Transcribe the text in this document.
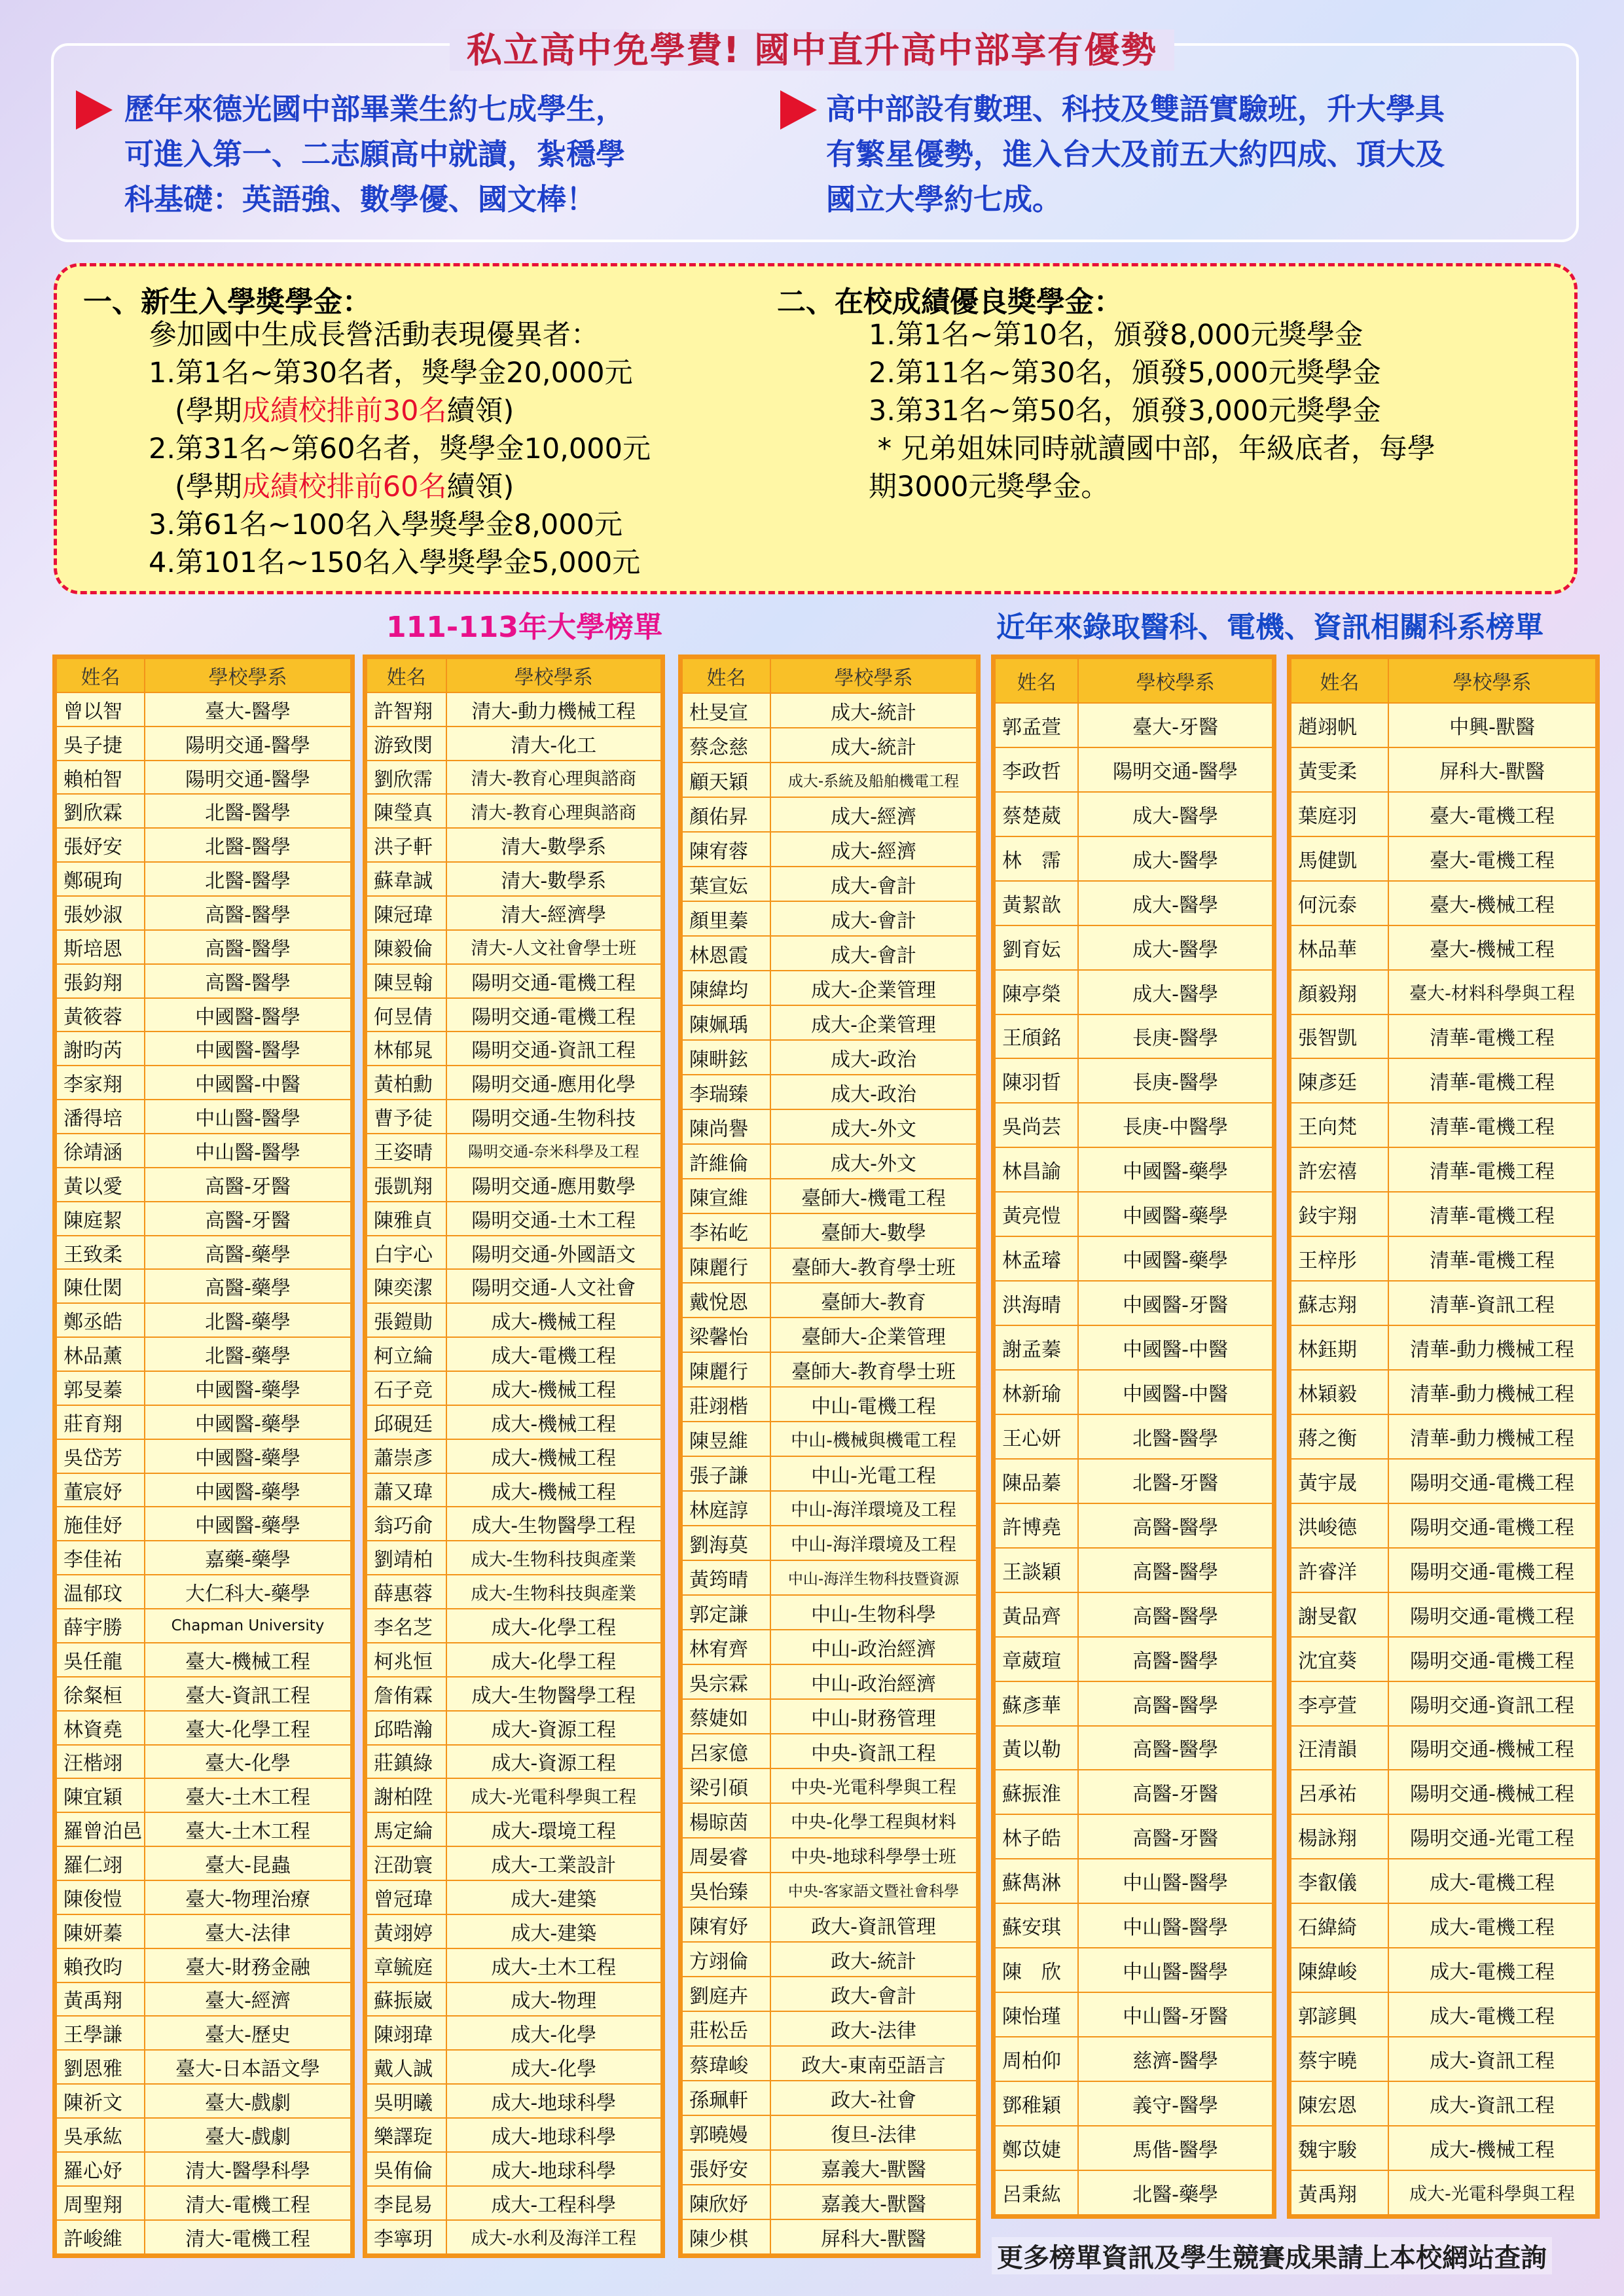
私立高中免學費! 國中直升高中部享有優勢
歷年來德光國中部畢業生約七成學生，
可進入第一、二志願高中就讀，紮穩學
科基礎：英語強、數學優、國文棒！
高中部設有數理、科技及雙語實驗班，升大學具
有繁星優勢，進入台大及前五大約四成、頂大及
國立大學約七成。
一、新生入學獎學金：
參加國中生成長營活動表現優異者：
1.第1名~第30名者，獎學金20,000元
(學期成績校排前30名續領)
2.第31名~第60名者，獎學金10,000元
(學期成績校排前60名續領)
3.第61名~100名入學獎學金8,000元
4.第101名~150名入學獎學金5,000元
二、在校成績優良獎學金：
1.第1名~第10名，頒發8,000元獎學金
2.第11名~第30名，頒發5,000元獎學金
3.第31名~第50名，頒發3,000元獎學金
* 兄弟姐妹同時就讀國中部，年級底者，每學
期3000元獎學金。
111-113年大學榜單	近年來錄取醫科、電機、資訊相關科系榜單
姓名	學校學系
曾以智	臺大-醫學
吳子捷	陽明交通-醫學
賴柏智	陽明交通-醫學
劉欣霖	北醫-醫學
張妤安	北醫-醫學
鄭硯珣	北醫-醫學
張妙淑	高醫-醫學
斯培恩	高醫-醫學
張鈞翔	高醫-醫學
黃筱蓉	中國醫-醫學
謝昀芮	中國醫-醫學
李家翔	中國醫-中醫
潘得培	中山醫-醫學
徐靖涵	中山醫-醫學
黃以愛	高醫-牙醫
陳庭絜	高醫-牙醫
王致柔	高醫-藥學
陳仕閎	高醫-藥學
鄭丞皓	北醫-藥學
林品薰	北醫-藥學
郭旻蓁	中國醫-藥學
莊育翔	中國醫-藥學
吳岱芳	中國醫-藥學
董宸妤	中國醫-藥學
施佳妤	中國醫-藥學
李佳祐	嘉藥-藥學
温郁玟	大仁科大-藥學
薛宇勝	Chapman University
吳任龍	臺大-機械工程
徐粲桓	臺大-資訊工程
林資堯	臺大-化學工程
汪楷翊	臺大-化學
陳宜穎	臺大-土木工程
羅曾泊邑	臺大-土木工程
羅仁翊	臺大-昆蟲
陳俊愷	臺大-物理治療
陳妍蓁	臺大-法律
賴孜昀	臺大-財務金融
黃禹翔	臺大-經濟
王學謙	臺大-歷史
劉恩雅	臺大-日本語文學
陳祈文	臺大-戲劇
吳承紘	臺大-戲劇
羅心妤	清大-醫學科學
周聖翔	清大-電機工程
許峻維	清大-電機工程
姓名	學校學系
許智翔	清大-動力機械工程
游致閔	清大-化工
劉欣霈	清大-教育心理與諮商
陳瑩真	清大-教育心理與諮商
洪子軒	清大-數學系
蘇韋誠	清大-數學系
陳冠瑋	清大-經濟學
陳毅倫	清大-人文社會學士班
陳昱翰	陽明交通-電機工程
何昱倩	陽明交通-電機工程
林郁晁	陽明交通-資訊工程
黃柏勳	陽明交通-應用化學
曹予徒	陽明交通-生物科技
王姿晴	陽明交通-奈米科學及工程
張凱翔	陽明交通-應用數學
陳雅貞	陽明交通-土木工程
白宇心	陽明交通-外國語文
陳奕潔	陽明交通-人文社會
張鎧勛	成大-機械工程
柯立綸	成大-電機工程
石子竞	成大-機械工程
邱硯廷	成大-機械工程
蕭崇彥	成大-機械工程
蕭又瑋	成大-機械工程
翁巧俞	成大-生物醫學工程
劉靖柏	成大-生物科技與產業
薛惠蓉	成大-生物科技與產業
李名芝	成大-化學工程
柯兆恒	成大-化學工程
詹侑霖	成大-生物醫學工程
邱晧瀚	成大-資源工程
莊鎮綠	成大-資源工程
謝柏陞	成大-光電科學與工程
馬定綸	成大-環境工程
汪劭寰	成大-工業設計
曾冠瑋	成大-建築
黃翊婷	成大-建築
章毓庭	成大-土木工程
蘇振崴	成大-物理
陳翊瑋	成大-化學
戴人誠	成大-化學
吳明曦	成大-地球科學
樂譯琁	成大-地球科學
吳侑倫	成大-地球科學
李昆易	成大-工程科學
李寧玥	成大-水利及海洋工程
姓名	學校學系
杜旻宣	成大-統計
蔡念慈	成大-統計
顧天穎	成大-系統及船舶機電工程
顏佑昇	成大-經濟
陳宥蓉	成大-經濟
葉宣妘	成大-會計
顏里蓁	成大-會計
林恩霞	成大-會計
陳緯均	成大-企業管理
陳姵瑀	成大-企業管理
陳畊鉉	成大-政治
李瑞臻	成大-政治
陳尚譽	成大-外文
許維倫	成大-外文
陳宣維	臺師大-機電工程
李祐屹	臺師大-數學
陳麗行	臺師大-教育學士班
戴悅恩	臺師大-教育
梁馨怡	臺師大-企業管理
陳麗行	臺師大-教育學士班
莊翊楷	中山-電機工程
陳昱維	中山-機械與機電工程
張子謙	中山-光電工程
林庭諄	中山-海洋環境及工程
劉海莫	中山-海洋環境及工程
黃筠晴	中山-海洋生物科技暨資源
郭定謙	中山-生物科學
林宥齊	中山-政治經濟
吳宗霖	中山-政治經濟
蔡婕如	中山-財務管理
呂家億	中央-資訊工程
梁引碩	中央-光電科學與工程
楊晾茵	中央-化學工程與材料
周晏睿	中央-地球科學學士班
吳怡臻	中央-客家語文暨社會科學
陳宥妤	政大-資訊管理
方翊倫	政大-統計
劉庭卉	政大-會計
莊松岳	政大-法律
蔡瑋峻	政大-東南亞語言
孫珮軒	政大-社會
郭曉嫚	復旦-法律
張妤安	嘉義大-獸醫
陳欣妤	嘉義大-獸醫
陳少棋	屏科大-獸醫
姓名	學校學系
郭孟萱	臺大-牙醫
李政哲	陽明交通-醫學
蔡楚葳	成大-醫學
林　霈	成大-醫學
黃絜歆	成大-醫學
劉育妘	成大-醫學
陳亭榮	成大-醫學
王頎銘	長庚-醫學
陳羽晢	長庚-醫學
吳尚芸	長庚-中醫學
林昌諭	中國醫-藥學
黃亮愷	中國醫-藥學
林孟璿	中國醫-藥學
洪海晴	中國醫-牙醫
謝孟蓁	中國醫-中醫
林新瑜	中國醫-中醫
王心妍	北醫-醫學
陳品蓁	北醫-牙醫
許博堯	高醫-醫學
王談穎	高醫-醫學
黃品齊	高醫-醫學
章葳瑄	高醫-醫學
蘇彥華	高醫-醫學
黃以勒	高醫-醫學
蘇振淮	高醫-牙醫
林子皓	高醫-牙醫
蘇雋淋	中山醫-醫學
蘇安琪	中山醫-醫學
陳　欣	中山醫-醫學
陳怡瑾	中山醫-牙醫
周柏仰	慈濟-醫學
鄧稚穎	義守-醫學
鄭苡婕	馬偕-醫學
呂秉紘	北醫-藥學
姓名	學校學系
趙翊帆	中興-獸醫
黃雯柔	屏科大-獸醫
葉庭羽	臺大-電機工程
馬健凱	臺大-電機工程
何沅泰	臺大-機械工程
林品華	臺大-機械工程
顏毅翔	臺大-材料科學與工程
張智凱	清華-電機工程
陳彥廷	清華-電機工程
王向梵	清華-電機工程
許宏禧	清華-電機工程
鈙宇翔	清華-電機工程
王梓彤	清華-電機工程
蘇志翔	清華-資訊工程
林鈺期	清華-動力機械工程
林穎毅	清華-動力機械工程
蔣之衡	清華-動力機械工程
黃宇晟	陽明交通-電機工程
洪峻德	陽明交通-電機工程
許睿洋	陽明交通-電機工程
謝旻叡	陽明交通-電機工程
沈宜葵	陽明交通-電機工程
李亭萱	陽明交通-資訊工程
汪清韻	陽明交通-機械工程
呂承祐	陽明交通-機械工程
楊詠翔	陽明交通-光電工程
李叡儀	成大-電機工程
石緯綺	成大-電機工程
陳緯峻	成大-電機工程
郭諺興	成大-電機工程
蔡宇曉	成大-資訊工程
陳宏恩	成大-資訊工程
魏宇駿	成大-機械工程
黃禹翔	成大-光電科學與工程
更多榜單資訊及學生競賽成果請上本校網站查詢
